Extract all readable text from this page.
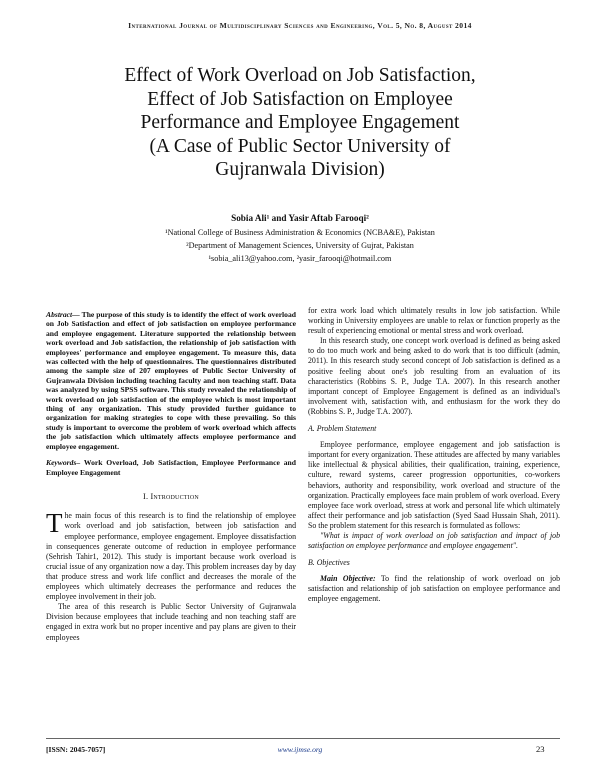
International Journal of Multidisciplinary Sciences and Engineering, Vol. 5, No. 8, August 2014
Effect of Work Overload on Job Satisfaction,
Effect of Job Satisfaction on Employee
Performance and Employee Engagement
(A Case of Public Sector University of
Gujranwala Division)
Sobia Ali¹ and Yasir Aftab Farooqi²
¹National College of Business Administration & Economics (NCBA&E), Pakistan
²Department of Management Sciences, University of Gujrat, Pakistan
¹sobia_ali13@yahoo.com, ²yasir_farooqi@hotmail.com
Abstract— The purpose of this study is to identify the effect of work overload on Job Satisfaction and effect of job satisfaction on employee performance and employee engagement. Literature supported the relationship between work overload and Job satisfaction, the relationship of job satisfaction with employees' performance and employee engagement. To measure this, data was collected with the help of questionnaires. The questionnaires distributed among the sample size of 207 employees of Public Sector University of Gujranwala Division including teaching faculty and non teaching staff. Data was analyzed by using SPSS software. This study revealed the relationship of work overload on job satisfaction of the employee which is most important thing of any organization. This study provided further guidance to organization for making strategies to cope with these prevailing. So this study is important to overcome the problem of work overload which affects the job satisfaction which ultimately affects employee performance and employee engagement.
Keywords– Work Overload, Job Satisfaction, Employee Performance and Employee Engagement
I. Introduction

The main focus of this research is to find the relationship of employee work overload and job satisfaction, between job satisfaction and employee performance, employee engagement. Employee dissatisfaction in consequences generate outcome of reduction in employee performance (Sehrish Tahir1, 2012). This study is important because work overload is crucial issue of any organization now a day. This problem increases day by day that produce stress and work life conflict and decreases the morale of the employees which ultimately decreases the performance and reduces the employee involvement in their job.

The area of this research is Public Sector University of Gujranwala Division because employees that include teaching and non teaching staff are engaged in extra work but no proper incentive and pay plans are given to their employees

for extra work load which ultimately results in low job satisfaction. While working in University employees are unable to relax or function properly as the result of experiencing emotional or mental stress and work overload.

In this research study, one concept work overload is defined as being asked to do too much work and being asked to do work that is too difficult (admin, 2011). In this research study second concept of Job satisfaction is defined as a positive feeling about one's job resulting from an evaluation of its characteristics (Robbins S. P., Judge T.A. 2007). In this research another important concept of Employee Engagement is defined as an individual's involvement with, satisfaction with, and enthusiasm for the work they do (Robbins S. P., Judge T.A. 2007).

A. Problem Statement

Employee performance, employee engagement and job satisfaction is important for every organization. These attitudes are affected by many variables like intellectual & physical abilities, their qualification, training, experience, culture, reward systems, career progression opportunities, co-workers behaviors, authority and responsibility, work overload and structure of the organization. Practically employees face main problem of work overload. Every employee face work overload, stress at work and personal life which ultimately affect their performance and job satisfaction (Syed Saad Hussain Shah, 2011). So the problem statement for this research is formulated as follows:

"What is impact of work overload on job satisfaction and impact of job satisfaction on employee performance and employee engagement".

B. Objectives

Main Objective: To find the relationship of work overload on job satisfaction and relationship of job satisfaction on employee performance and employee engagement.

[ISSN: 2045-7057]	www.ijmse.org	23
